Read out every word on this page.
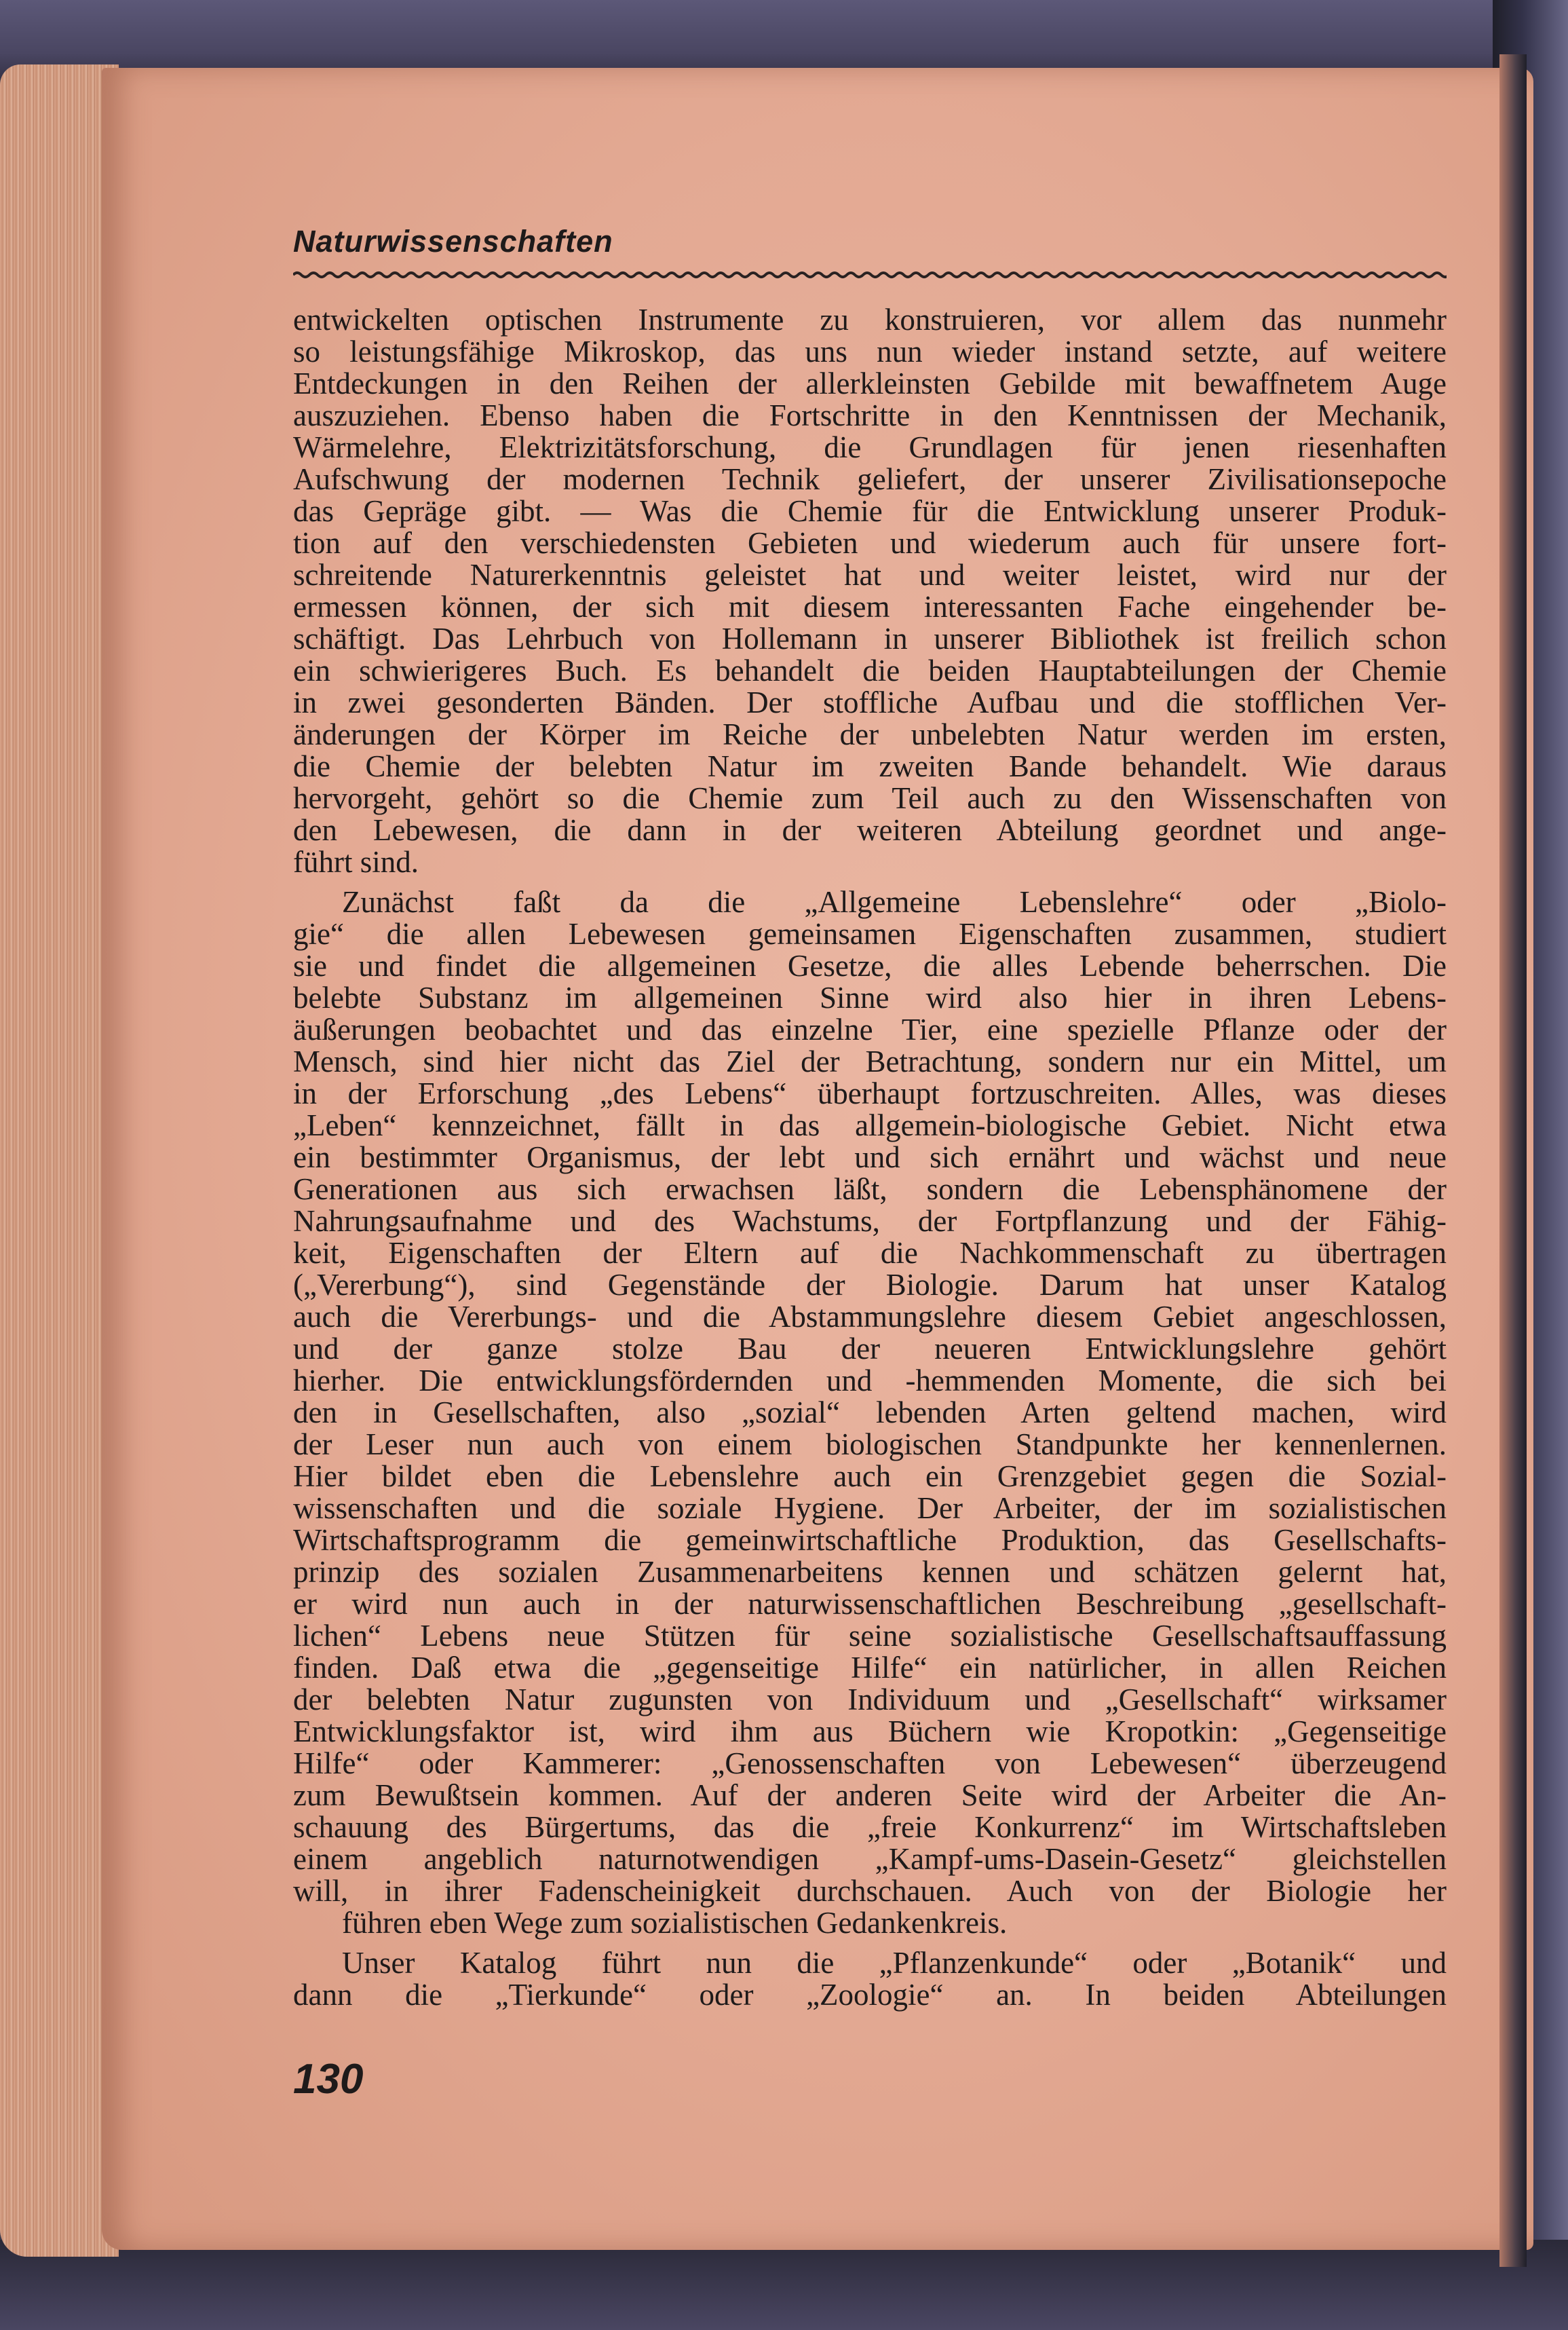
Naturwissenschaften

entwickelten optischen Instrumente zu konstruieren, vor allem das nunmehr
so leistungsfähige Mikroskop, das uns nun wieder instand setzte, auf weitere
Entdeckungen in den Reihen der allerkleinsten Gebilde mit bewaffnetem Auge
auszuziehen. Ebenso haben die Fortschritte in den Kenntnissen der Mechanik,
Wärmelehre, Elektrizitätsforschung, die Grundlagen für jenen riesenhaften
Aufschwung der modernen Technik geliefert, der unserer Zivilisationsepoche
das Gepräge gibt. — Was die Chemie für die Entwicklung unserer Produk-
tion auf den verschiedensten Gebieten und wiederum auch für unsere fort-
schreitende Naturerkenntnis geleistet hat und weiter leistet, wird nur der
ermessen können, der sich mit diesem interessanten Fache eingehender be-
schäftigt. Das Lehrbuch von Hollemann in unserer Bibliothek ist freilich schon
ein schwierigeres Buch. Es behandelt die beiden Hauptabteilungen der Chemie
in zwei gesonderten Bänden. Der stoffliche Aufbau und die stofflichen Ver-
änderungen der Körper im Reiche der unbelebten Natur werden im ersten,
die Chemie der belebten Natur im zweiten Bande behandelt. Wie daraus
hervorgeht, gehört so die Chemie zum Teil auch zu den Wissenschaften von
den Lebewesen, die dann in der weiteren Abteilung geordnet und ange-
führt sind.

Zunächst faßt da die „Allgemeine Lebenslehre“ oder „Biolo-
gie“ die allen Lebewesen gemeinsamen Eigenschaften zusammen, studiert
sie und findet die allgemeinen Gesetze, die alles Lebende beherrschen. Die
belebte Substanz im allgemeinen Sinne wird also hier in ihren Lebens-
äußerungen beobachtet und das einzelne Tier, eine spezielle Pflanze oder der
Mensch, sind hier nicht das Ziel der Betrachtung, sondern nur ein Mittel, um
in der Erforschung „des Lebens“ überhaupt fortzuschreiten. Alles, was dieses
„Leben“ kennzeichnet, fällt in das allgemein-biologische Gebiet. Nicht etwa
ein bestimmter Organismus, der lebt und sich ernährt und wächst und neue
Generationen aus sich erwachsen läßt, sondern die Lebensphänomene der
Nahrungsaufnahme und des Wachstums, der Fortpflanzung und der Fähig-
keit, Eigenschaften der Eltern auf die Nachkommenschaft zu übertragen
(„Vererbung“), sind Gegenstände der Biologie. Darum hat unser Katalog
auch die Vererbungs- und die Abstammungslehre diesem Gebiet angeschlossen,
und der ganze stolze Bau der neueren Entwicklungslehre gehört
hierher. Die entwicklungsfördernden und -hemmenden Momente, die sich bei
den in Gesellschaften, also „sozial“ lebenden Arten geltend machen, wird
der Leser nun auch von einem biologischen Standpunkte her kennenlernen.
Hier bildet eben die Lebenslehre auch ein Grenzgebiet gegen die Sozial-
wissenschaften und die soziale Hygiene. Der Arbeiter, der im sozialistischen
Wirtschaftsprogramm die gemeinwirtschaftliche Produktion, das Gesellschafts-
prinzip des sozialen Zusammenarbeitens kennen und schätzen gelernt hat,
er wird nun auch in der naturwissenschaftlichen Beschreibung „gesellschaft-
lichen“ Lebens neue Stützen für seine sozialistische Gesellschaftsauffassung
finden. Daß etwa die „gegenseitige Hilfe“ ein natürlicher, in allen Reichen
der belebten Natur zugunsten von Individuum und „Gesellschaft“ wirksamer
Entwicklungsfaktor ist, wird ihm aus Büchern wie Kropotkin: „Gegenseitige
Hilfe“ oder Kammerer: „Genossenschaften von Lebewesen“ überzeugend
zum Bewußtsein kommen. Auf der anderen Seite wird der Arbeiter die An-
schauung des Bürgertums, das die „freie Konkurrenz“ im Wirtschaftsleben
einem angeblich naturnotwendigen „Kampf-ums-Dasein-Gesetz“ gleichstellen
will, in ihrer Fadenscheinigkeit durchschauen. Auch von der Biologie her
führen eben Wege zum sozialistischen Gedankenkreis.

Unser Katalog führt nun die „Pflanzenkunde“ oder „Botanik“ und
dann die „Tierkunde“ oder „Zoologie“ an. In beiden Abteilungen

130
